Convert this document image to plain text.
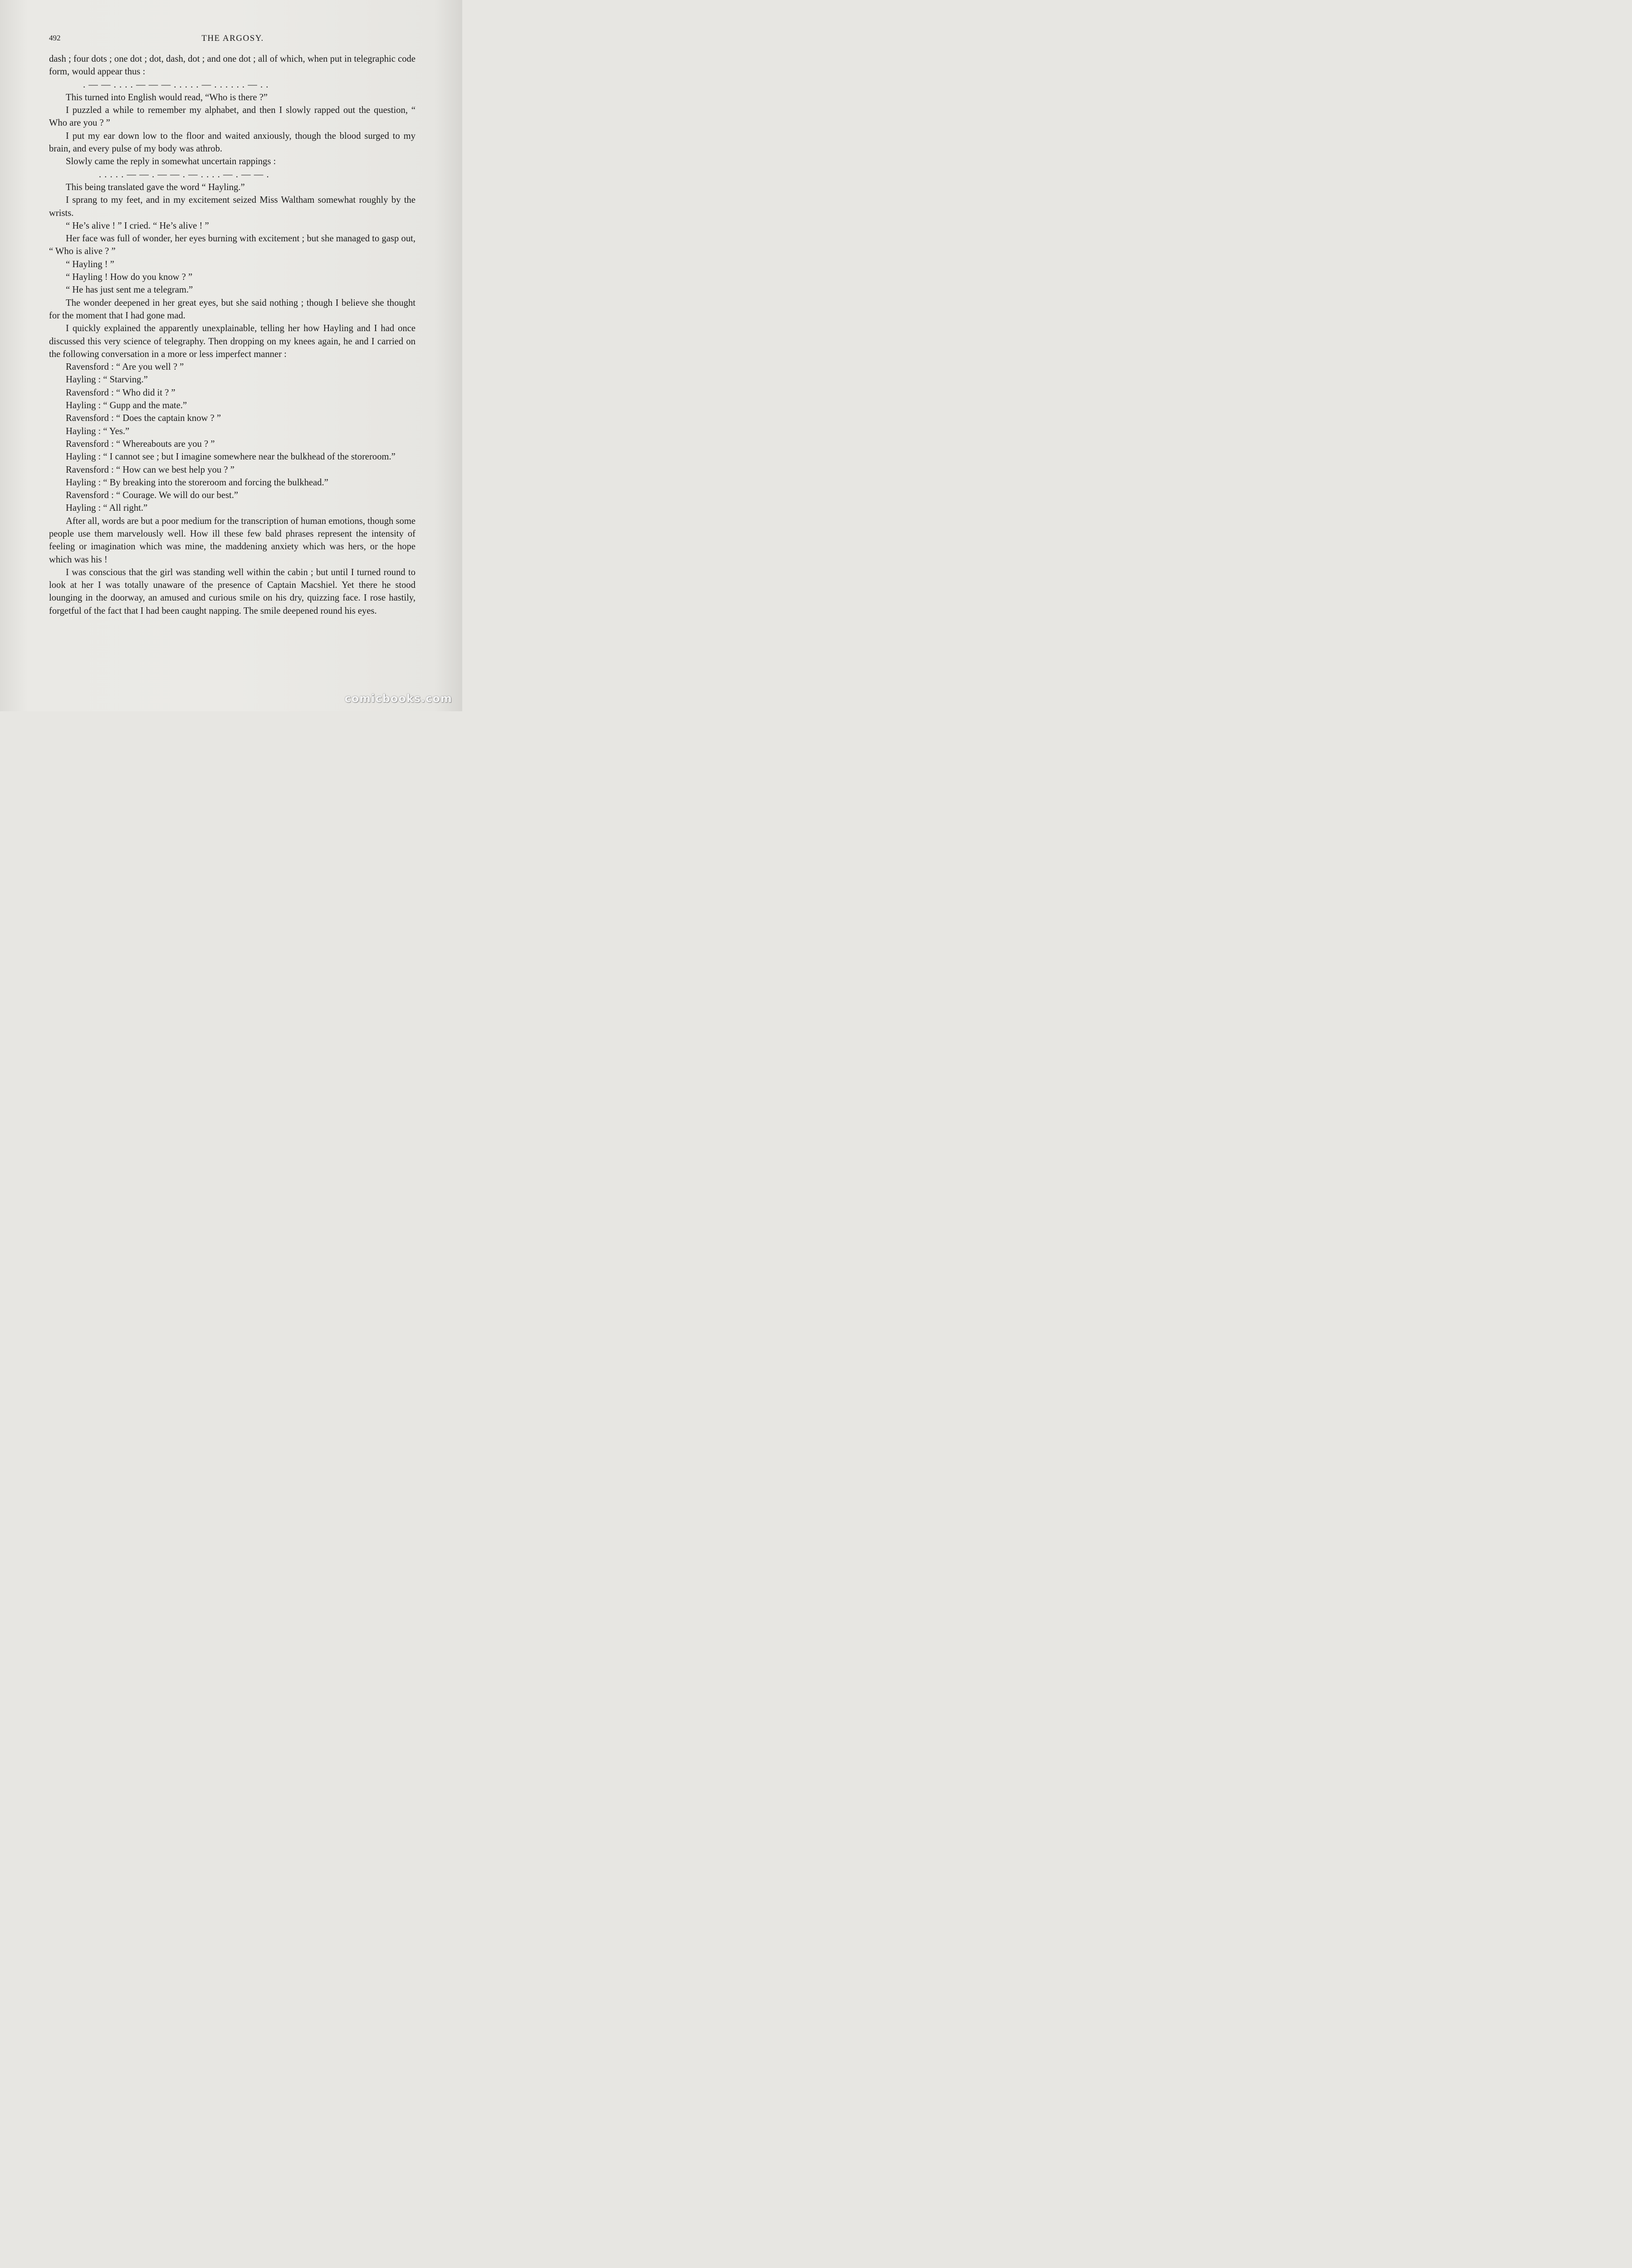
492	THE ARGOSY.

dash ; four dots ; one dot ; dot, dash, dot ; and one dot ; all of which, when put in telegraphic code form, would appear thus :

. — — . . . . — — — . . . . . — . . . . . . — . .

This turned into English would read, “Who is there ?”

I puzzled a while to remember my alphabet, and then I slowly rapped out the question, “ Who are you ? ”

I put my ear down low to the floor and waited anxiously, though the blood surged to my brain, and every pulse of my body was athrob.

Slowly came the reply in somewhat uncertain rappings :

. . . . . — — . — — . — . . . . — . — — .

This being translated gave the word “ Hayling.”

I sprang to my feet, and in my excitement seized Miss Waltham somewhat roughly by the wrists.

“ He’s alive ! ” I cried. “ He’s alive ! ”

Her face was full of wonder, her eyes burning with excitement ; but she managed to gasp out, “ Who is alive ? ”

“ Hayling ! ”

“ Hayling ! How do you know ? ”

“ He has just sent me a telegram.”

The wonder deepened in her great eyes, but she said nothing ; though I believe she thought for the moment that I had gone mad.

I quickly explained the apparently unexplainable, telling her how Hayling and I had once discussed this very science of telegraphy. Then dropping on my knees again, he and I carried on the following conversation in a more or less imperfect manner :

Ravensford : “ Are you well ? ”

Hayling : “ Starving.”

Ravensford : “ Who did it ? ”

Hayling : “ Gupp and the mate.”

Ravensford : “ Does the captain know ? ”

Hayling : “ Yes.”

Ravensford : “ Whereabouts are you ? ”

Hayling : “ I cannot see ; but I imagine somewhere near the bulkhead of the storeroom.”

Ravensford : “ How can we best help you ? ”

Hayling : “ By breaking into the storeroom and forcing the bulkhead.”

Ravensford : “ Courage. We will do our best.”

Hayling : “ All right.”

After all, words are but a poor medium for the transcription of human emotions, though some people use them marvelously well. How ill these few bald phrases represent the intensity of feeling or imagination which was mine, the maddening anxiety which was hers, or the hope which was his !

I was conscious that the girl was standing well within the cabin ; but until I turned round to look at her I was totally unaware of the presence of Captain Macshiel. Yet there he stood lounging in the doorway, an amused and curious smile on his dry, quizzing face. I rose hastily, forgetful of the fact that I had been caught napping. The smile deepened round his eyes.

comicbooks.com
